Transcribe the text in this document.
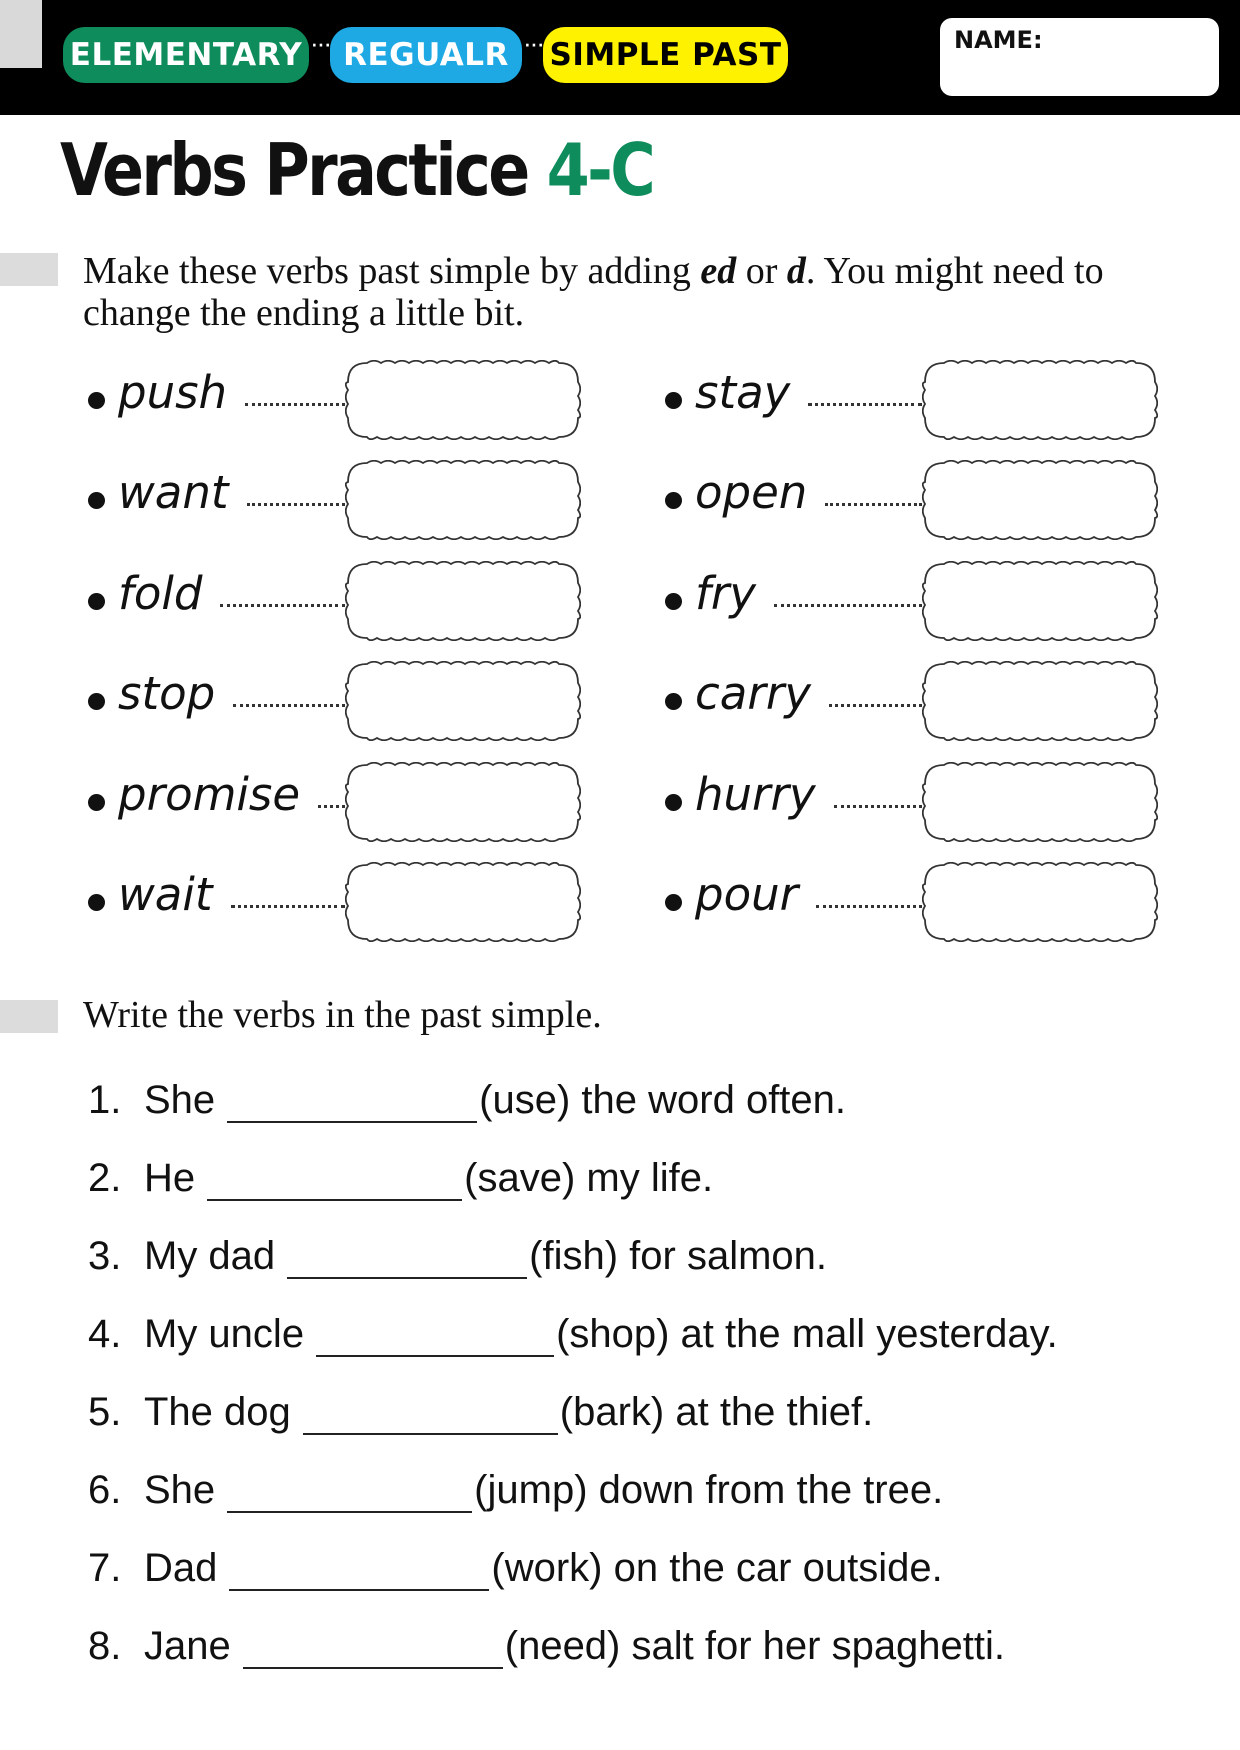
ELEMENTARY ··· REGUALR ··· SIMPLE PAST	NAME:
Verbs Practice 4-C
Make these verbs past simple by adding ed or d. You might need to change the ending a little bit.
push
want
fold
stop
promise
wait
stay
open
fry
carry
hurry
pour
Write the verbs in the past simple.
1. She	(use) the word often.
2. He	(save) my life.
3. My dad	(fish) for salmon.
4. My uncle	(shop) at the mall yesterday.
5. The dog	(bark) at the thief.
6. She	(jump) down from the tree.
7. Dad	(work) on the car outside.
8. Jane	(need) salt for her spaghetti.
